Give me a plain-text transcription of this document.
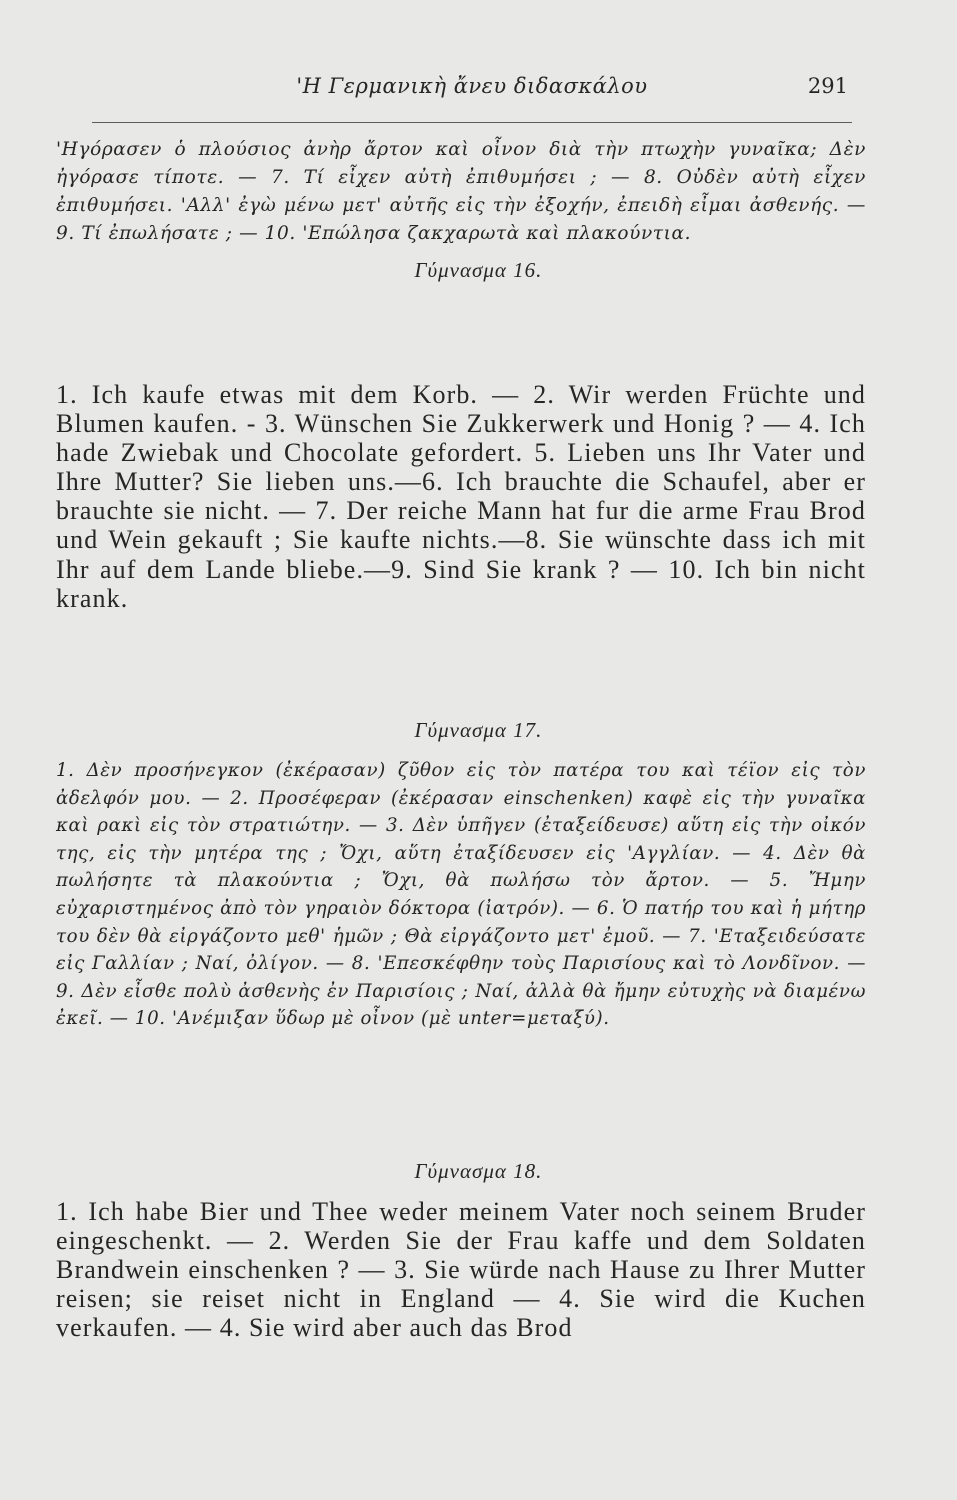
'Η Γερμανικὴ ἄνευ διδασκάλου	291

'Ηγόρασεν ὁ πλούσιος ἀνὴρ ἄρτον καὶ οἶνον διὰ τὴν πτωχὴν γυναῖκα; Δὲν ἠγόρασε τίποτε. — 7. Τί εἶχεν αὐτὴ ἐπιθυμήσει ; — 8. Οὐδὲν αὐτὴ εἶχεν ἐπιθυμήσει. 'Αλλ' ἐγὼ μένω μετ' αὐτῆς εἰς τὴν ἐξοχήν, ἐπειδὴ εἶμαι ἀσθενής. — 9. Τί ἐπωλήσατε ; — 10. 'Επώλησα ζακχαρωτὰ καὶ πλακούντια.

Γύμνασμα 16.

1. Ich kaufe etwas mit dem Korb. — 2. Wir werden Früchte und Blumen kaufen. - 3. Wünschen Sie Zukkerwerk und Honig ? — 4. Ich hade Zwiebak und Chocolate gefordert. 5. Lieben uns Ihr Vater und Ihre Mutter? Sie lieben uns.—6. Ich brauchte die Schaufel, aber er brauchte sie nicht. — 7. Der reiche Mann hat fur die arme Frau Brod und Wein gekauft ; Sie kaufte nichts.—8. Sie wünschte dass ich mit Ihr auf dem Lande bliebe.—9. Sind Sie krank ? — 10. Ich bin nicht krank.

Γύμνασμα 17.

1. Δὲν προσήνεγκον (ἐκέρασαν) ζῦθον εἰς τὸν πατέρα του καὶ τέϊον εἰς τὸν ἀδελφόν μου. — 2. Προσέφεραν (ἐκέρασαν einschenken) καφὲ εἰς τὴν γυναῖκα καὶ ρακὶ εἰς τὸν στρατιώτην. — 3. Δὲν ὑπῆγεν (ἐταξείδευσε) αὕτη εἰς τὴν οἰκόν της, εἰς τὴν μητέρα της ; Ὄχι, αὕτη ἐταξίδευσεν εἰς 'Αγγλίαν. — 4. Δὲν θὰ πωλήσητε τὰ πλακούντια ; Ὄχι, θὰ πωλήσω τὸν ἄρτον. — 5. Ἤμην εὐχαριστημένος ἀπὸ τὸν γηραιὸν δόκτορα (ἰατρόν). — 6. Ὁ πατήρ του καὶ ἡ μήτηρ του δὲν θὰ εἰργάζοντο μεθ' ἡμῶν ; Θὰ εἰργάζοντο μετ' ἐμοῦ. — 7. 'Εταξειδεύσατε εἰς Γαλλίαν ; Ναί, ὀλίγον. — 8. 'Επεσκέφθην τοὺς Παρισίους καὶ τὸ Λονδῖνον. — 9. Δὲν εἶσθε πολὺ ἀσθενὴς ἐν Παρισίοις ; Ναί, ἀλλὰ θὰ ἤμην εὐτυχὴς νὰ διαμένω ἐκεῖ. — 10. 'Ανέμιξαν ὕδωρ μὲ οἶνον (μὲ unter=μεταξύ).

Γύμνασμα 18.

1. Ich habe Bier und Thee weder meinem Vater noch seinem Bruder eingeschenkt. — 2. Werden Sie der Frau kaffe und dem Soldaten Brandwein einschenken ? — 3. Sie würde nach Hause zu Ihrer Mutter reisen; sie reiset nicht in England — 4. Sie wird die Kuchen verkaufen. — 4. Sie wird aber auch das Brod
